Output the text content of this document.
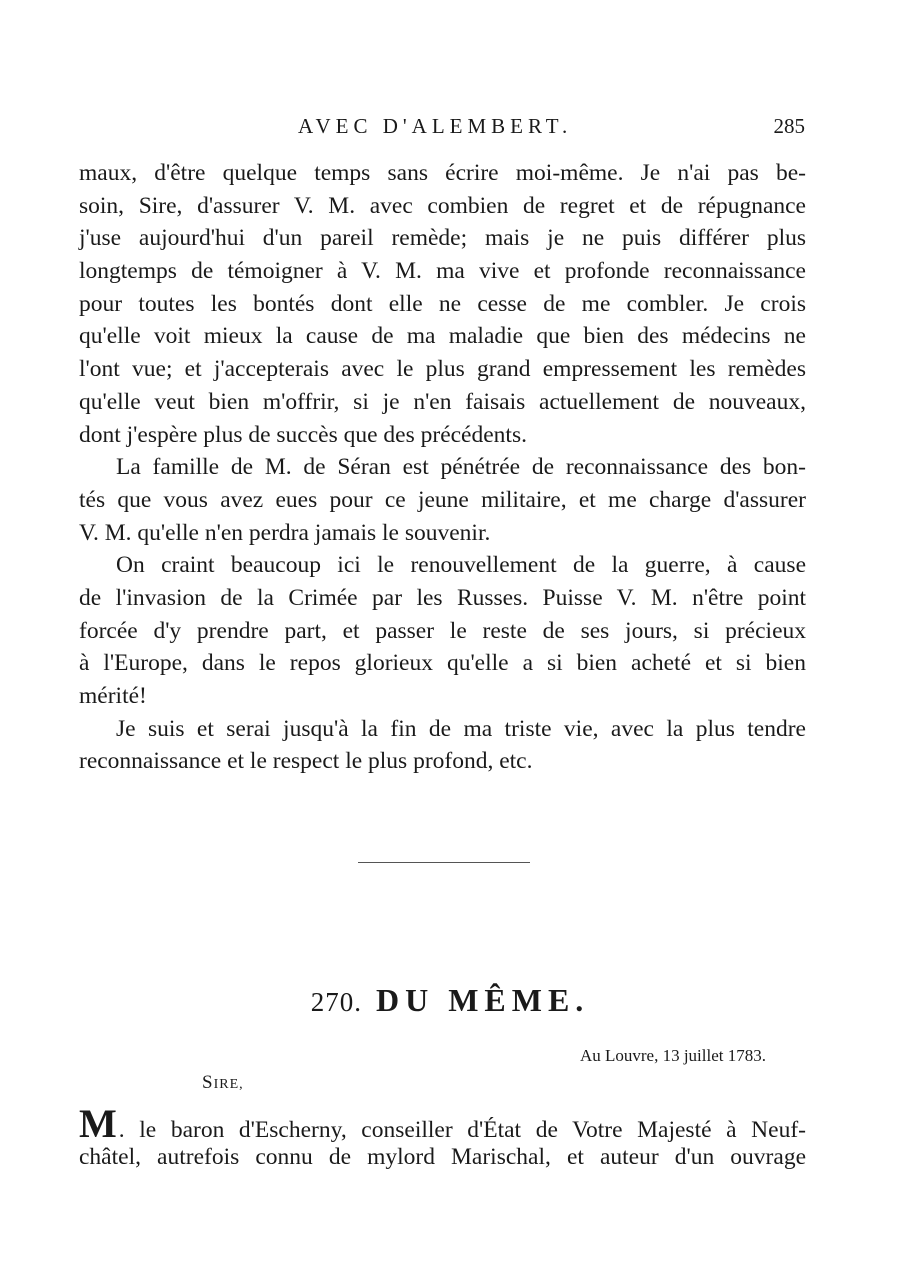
AVEC D'ALEMBERT.	285
maux, d'être quelque temps sans écrire moi-même. Je n'ai pas be-
soin, Sire, d'assurer V. M. avec combien de regret et de répugnance
j'use aujourd'hui d'un pareil remède; mais je ne puis différer plus
longtemps de témoigner à V. M. ma vive et profonde reconnaissance
pour toutes les bontés dont elle ne cesse de me combler. Je crois
qu'elle voit mieux la cause de ma maladie que bien des médecins ne
l'ont vue; et j'accepterais avec le plus grand empressement les remèdes
qu'elle veut bien m'offrir, si je n'en faisais actuellement de nouveaux,
dont j'espère plus de succès que des précédents.
La famille de M. de Séran est pénétrée de reconnaissance des bon-
tés que vous avez eues pour ce jeune militaire, et me charge d'assurer
V. M. qu'elle n'en perdra jamais le souvenir.
On craint beaucoup ici le renouvellement de la guerre, à cause
de l'invasion de la Crimée par les Russes. Puisse V. M. n'être point
forcée d'y prendre part, et passer le reste de ses jours, si précieux
à l'Europe, dans le repos glorieux qu'elle a si bien acheté et si bien
mérité!
Je suis et serai jusqu'à la fin de ma triste vie, avec la plus tendre
reconnaissance et le respect le plus profond, etc.
270. DU MÊME.
Au Louvre, 13 juillet 1783.
SIRE,
M. le baron d'Escherny, conseiller d'État de Votre Majesté à Neuf-
châtel, autrefois connu de mylord Marischal, et auteur d'un ouvrage
